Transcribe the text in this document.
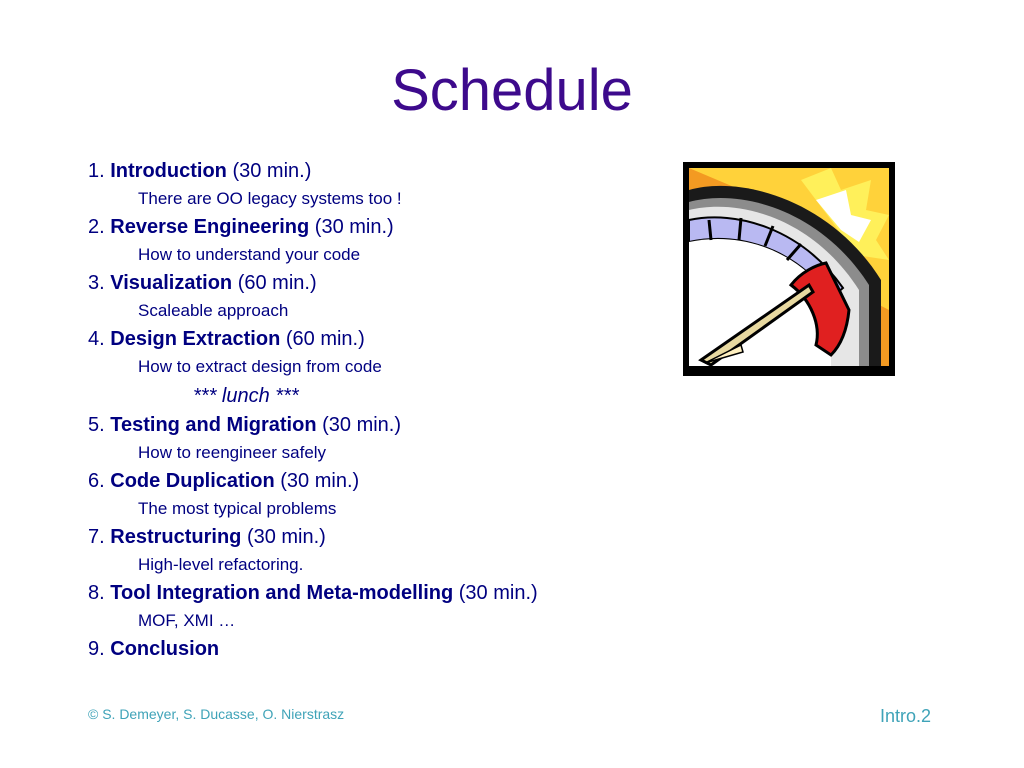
Schedule
1. Introduction (30 min.)
There are OO legacy systems too !
2. Reverse Engineering (30 min.)
How to understand your code
3. Visualization (60 min.)
Scaleable approach
4. Design Extraction (60 min.)
How to extract design from code
*** lunch ***
5. Testing and Migration (30 min.)
How to reengineer safely
6. Code Duplication (30 min.)
The most typical problems
7. Restructuring (30 min.)
High-level refactoring.
8. Tool Integration and Meta-modelling (30 min.)
MOF, XMI …
9. Conclusion
© S. Demeyer, S. Ducasse, O. Nierstrasz	Intro.2
